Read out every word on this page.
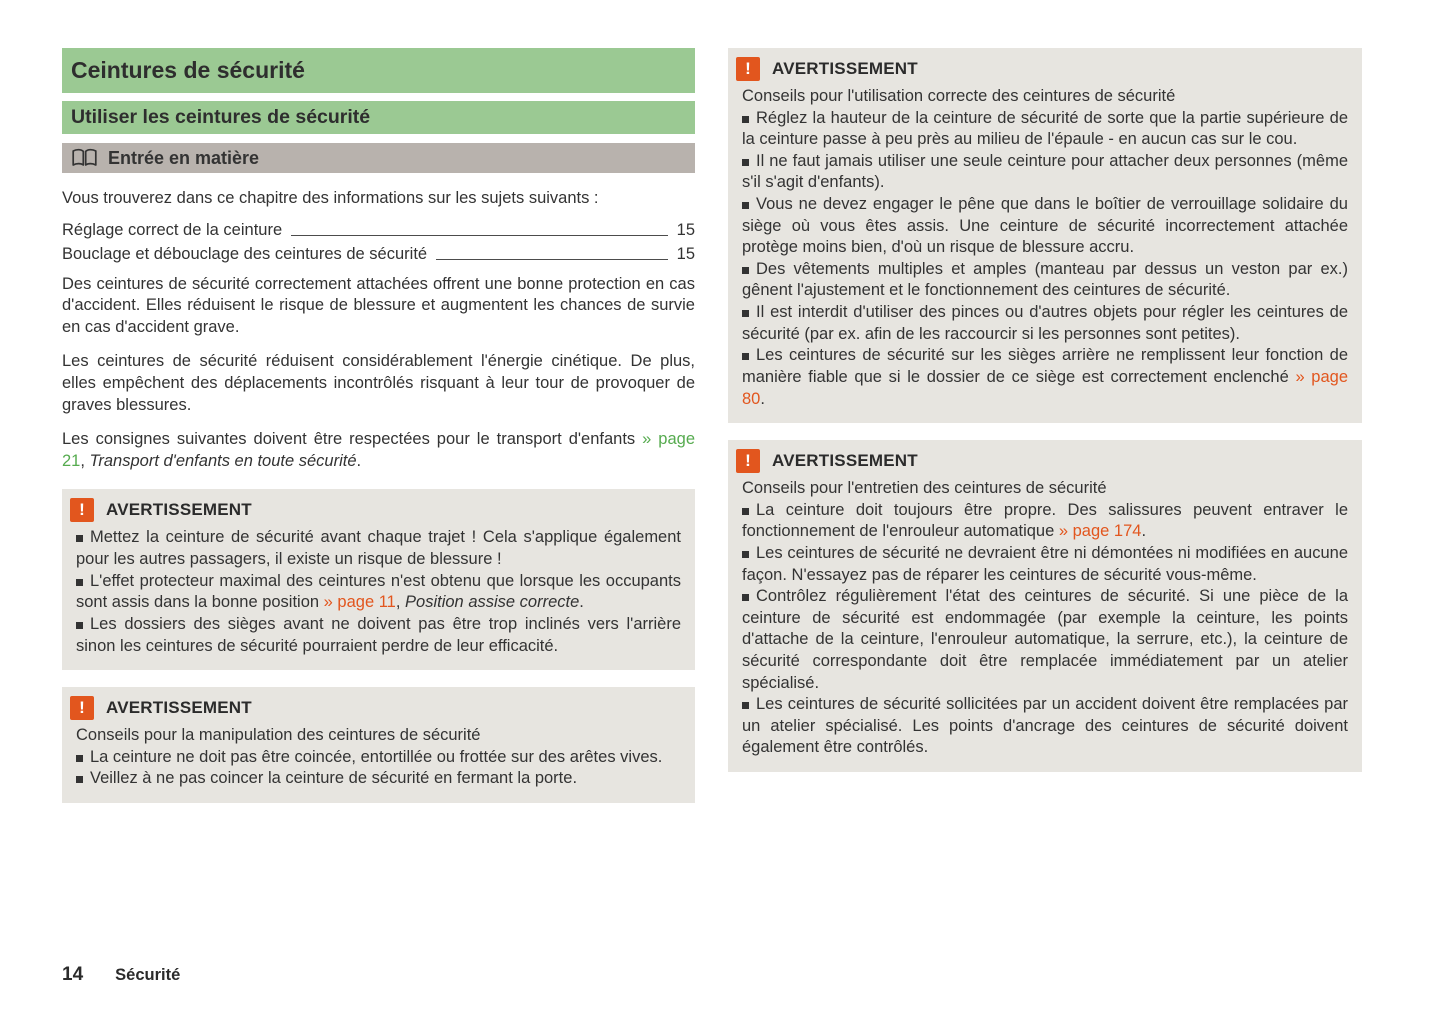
Ceintures de sécurité
Utiliser les ceintures de sécurité
Entrée en matière
Vous trouverez dans ce chapitre des informations sur les sujets suivants :
Réglage correct de la ceinture	15
Bouclage et débouclage des ceintures de sécurité	15

Des ceintures de sécurité correctement attachées offrent une bonne protection en cas d'accident. Elles réduisent le risque de blessure et augmentent les chances de survie en cas d'accident grave.

Les ceintures de sécurité réduisent considérablement l'énergie cinétique. De plus, elles empêchent des déplacements incontrôlés risquant à leur tour de provoquer de graves blessures.

Les consignes suivantes doivent être respectées pour le transport d'enfants » page 21, Transport d'enfants en toute sécurité.

!	AVERTISSEMENT
Mettez la ceinture de sécurité avant chaque trajet ! Cela s'applique également pour les autres passagers, il existe un risque de blessure !
L'effet protecteur maximal des ceintures n'est obtenu que lorsque les occupants sont assis dans la bonne position » page 11, Position assise correcte.
Les dossiers des sièges avant ne doivent pas être trop inclinés vers l'arrière sinon les ceintures de sécurité pourraient perdre de leur efficacité.
!	AVERTISSEMENT
Conseils pour la manipulation des ceintures de sécurité
La ceinture ne doit pas être coincée, entortillée ou frottée sur des arêtes vives.
Veillez à ne pas coincer la ceinture de sécurité en fermant la porte.
!	AVERTISSEMENT
Conseils pour l'utilisation correcte des ceintures de sécurité
Réglez la hauteur de la ceinture de sécurité de sorte que la partie supérieure de la ceinture passe à peu près au milieu de l'épaule - en aucun cas sur le cou.
Il ne faut jamais utiliser une seule ceinture pour attacher deux personnes (même s'il s'agit d'enfants).
Vous ne devez engager le pêne que dans le boîtier de verrouillage solidaire du siège où vous êtes assis. Une ceinture de sécurité incorrectement attachée protège moins bien, d'où un risque de blessure accru.
Des vêtements multiples et amples (manteau par dessus un veston par ex.) gênent l'ajustement et le fonctionnement des ceintures de sécurité.
Il est interdit d'utiliser des pinces ou d'autres objets pour régler les ceintures de sécurité (par ex. afin de les raccourcir si les personnes sont petites).
Les ceintures de sécurité sur les sièges arrière ne remplissent leur fonction de manière fiable que si le dossier de ce siège est correctement enclenché » page 80.
!	AVERTISSEMENT
Conseils pour l'entretien des ceintures de sécurité
La ceinture doit toujours être propre. Des salissures peuvent entraver le fonctionnement de l'enrouleur automatique » page 174.
Les ceintures de sécurité ne devraient être ni démontées ni modifiées en aucune façon. N'essayez pas de réparer les ceintures de sécurité vous-même.
Contrôlez régulièrement l'état des ceintures de sécurité. Si une pièce de la ceinture de sécurité est endommagée (par exemple la ceinture, les points d'attache de la ceinture, l'enrouleur automatique, la serrure, etc.), la ceinture de sécurité correspondante doit être remplacée immédiatement par un atelier spécialisé.
Les ceintures de sécurité sollicitées par un accident doivent être remplacées par un atelier spécialisé. Les points d'ancrage des ceintures de sécurité doivent également être contrôlés.
14 Sécurité
